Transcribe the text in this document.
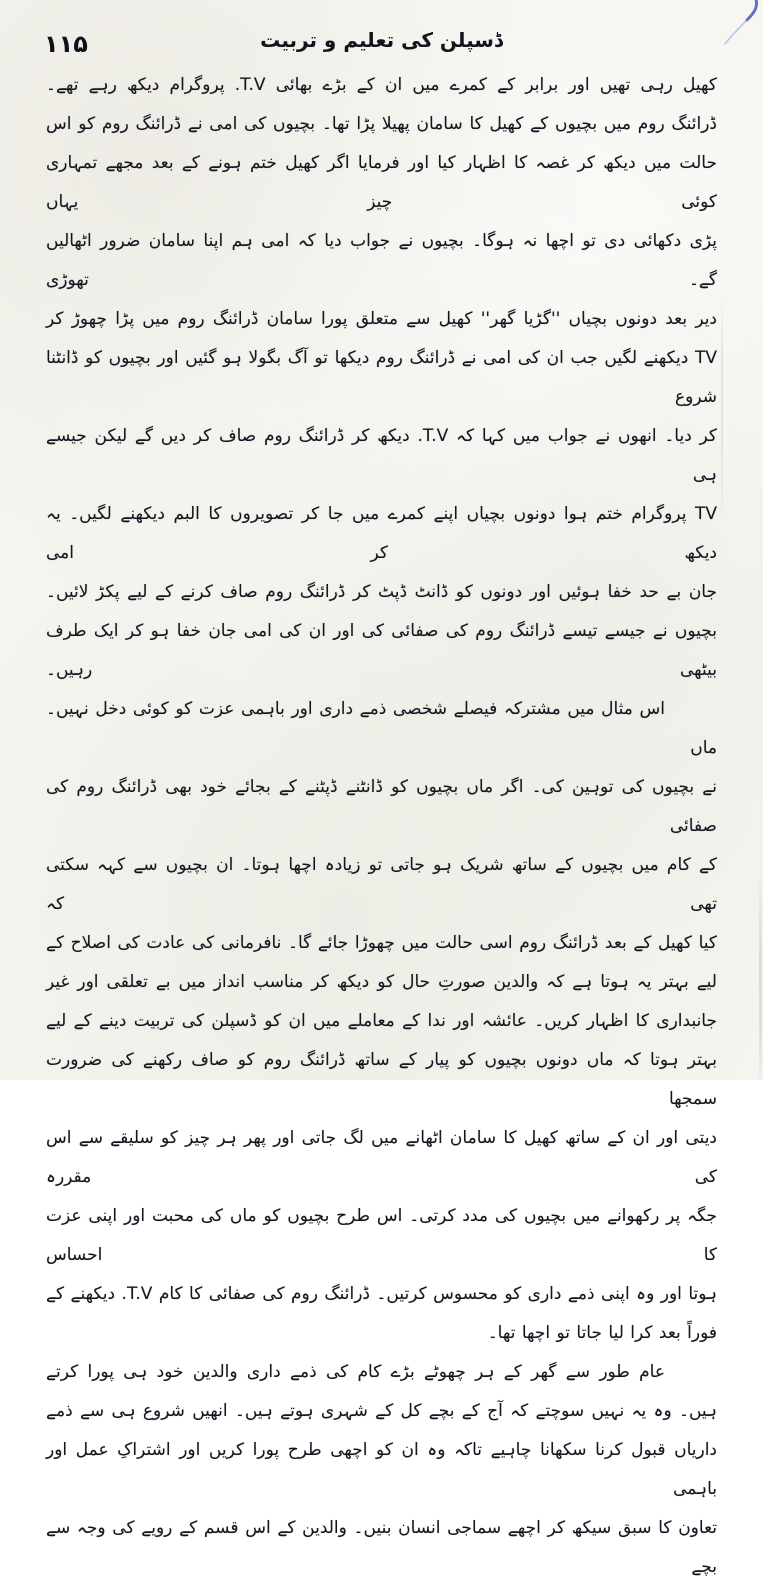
۱۱۵	ڈسپلن کی تعلیم و تربیت
کھیل رہی تھیں اور برابر کے کمرے میں ان کے بڑے بھائی T.V. پروگرام دیکھ رہے تھے۔
ڈرائنگ روم میں بچیوں کے کھیل کا سامان پھیلا پڑا تھا۔ بچیوں کی امی نے ڈرائنگ روم کو اس
حالت میں دیکھ کر غصہ کا اظہار کیا اور فرمایا اگر کھیل ختم ہونے کے بعد مجھے تمہاری کوئی چیز یہاں
پڑی دکھائی دی تو اچھا نہ ہوگا۔ بچیوں نے جواب دیا کہ امی ہم اپنا سامان ضرور اٹھالیں گے۔ تھوڑی
دیر بعد دونوں بچیاں ''گڑیا گھر'' کھیل سے متعلق پورا سامان ڈرائنگ روم میں پڑا چھوڑ کر
TV دیکھنے لگیں جب ان کی امی نے ڈرائنگ روم دیکھا تو آگ بگولا ہو گئیں اور بچیوں کو ڈانٹنا شروع
کر دیا۔ انھوں نے جواب میں کہا کہ T.V. دیکھ کر ڈرائنگ روم صاف کر دیں گے لیکن جیسے ہی
TV پروگرام ختم ہوا دونوں بچیاں اپنے کمرے میں جا کر تصویروں کا البم دیکھنے لگیں۔ یہ دیکھ کر امی
جان بے حد خفا ہوئیں اور دونوں کو ڈانٹ ڈپٹ کر ڈرائنگ روم صاف کرنے کے لیے پکڑ لائیں۔
بچیوں نے جیسے تیسے ڈرائنگ روم کی صفائی کی اور ان کی امی جان خفا ہو کر ایک طرف بیٹھی رہیں۔
اس مثال میں مشترکہ فیصلے شخصی ذمے داری اور باہمی عزت کو کوئی دخل نہیں۔ ماں
نے بچیوں کی توہین کی۔ اگر ماں بچیوں کو ڈانٹنے ڈپٹنے کے بجائے خود بھی ڈرائنگ روم کی صفائی
کے کام میں بچیوں کے ساتھ شریک ہو جاتی تو زیادہ اچھا ہوتا۔ ان بچیوں سے کہہ سکتی تھی کہ
کیا کھیل کے بعد ڈرائنگ روم اسی حالت میں چھوڑا جائے گا۔ نافرمانی کی عادت کی اصلاح کے
لیے بہتر یہ ہوتا ہے کہ والدین صورتِ حال کو دیکھ کر مناسب انداز میں بے تعلقی اور غیر
جانبداری کا اظہار کریں۔ عائشہ اور ندا کے معاملے میں ان کو ڈسپلن کی تربیت دینے کے لیے
بہتر ہوتا کہ ماں دونوں بچیوں کو پیار کے ساتھ ڈرائنگ روم کو صاف رکھنے کی ضرورت سمجھا
دیتی اور ان کے ساتھ کھیل کا سامان اٹھانے میں لگ جاتی اور پھر ہر چیز کو سلیقے سے اس کی مقررہ
جگہ پر رکھوانے میں بچیوں کی مدد کرتی۔ اس طرح بچیوں کو ماں کی محبت اور اپنی عزت کا احساس
ہوتا اور وہ اپنی ذمے داری کو محسوس کرتیں۔ ڈرائنگ روم کی صفائی کا کام T.V. دیکھنے کے
فوراً بعد کرا لیا جاتا تو اچھا تھا۔
عام طور سے گھر کے ہر چھوٹے بڑے کام کی ذمے داری والدین خود ہی پورا کرتے
ہیں۔ وہ یہ نہیں سوچتے کہ آج کے بچے کل کے شہری ہوتے ہیں۔ انھیں شروع ہی سے ذمے
داریاں قبول کرنا سکھانا چاہیے تاکہ وہ ان کو اچھی طرح پورا کریں اور اشتراکِ عمل اور باہمی
تعاون کا سبق سیکھ کر اچھے سماجی انسان بنیں۔ والدین کے اس قسم کے رویے کی وجہ سے بچے
